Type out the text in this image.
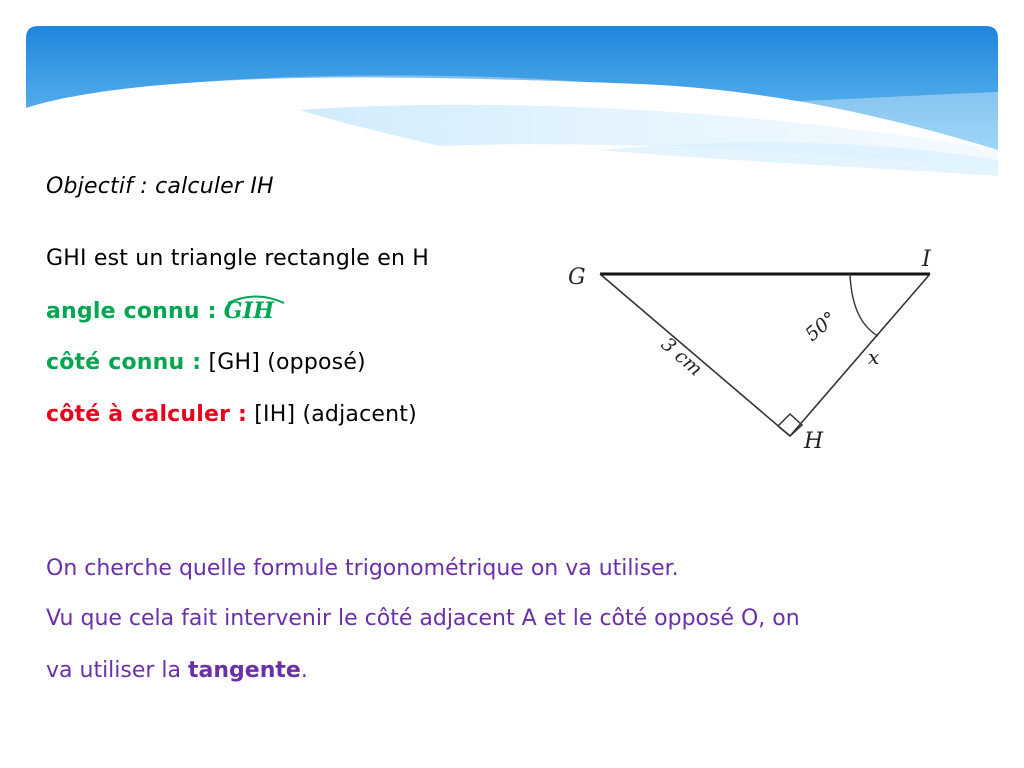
Objectif : calculer IH
GHI est un triangle rectangle en H
angle connu : GIH
côté connu : [GH] (opposé)
côté à calculer : [IH] (adjacent)
G
I
H
50°
3 cm	x
On cherche quelle formule trigonométrique on va utiliser.
Vu que cela fait intervenir le côté adjacent A et le côté opposé O, on
va utiliser la tangente.
